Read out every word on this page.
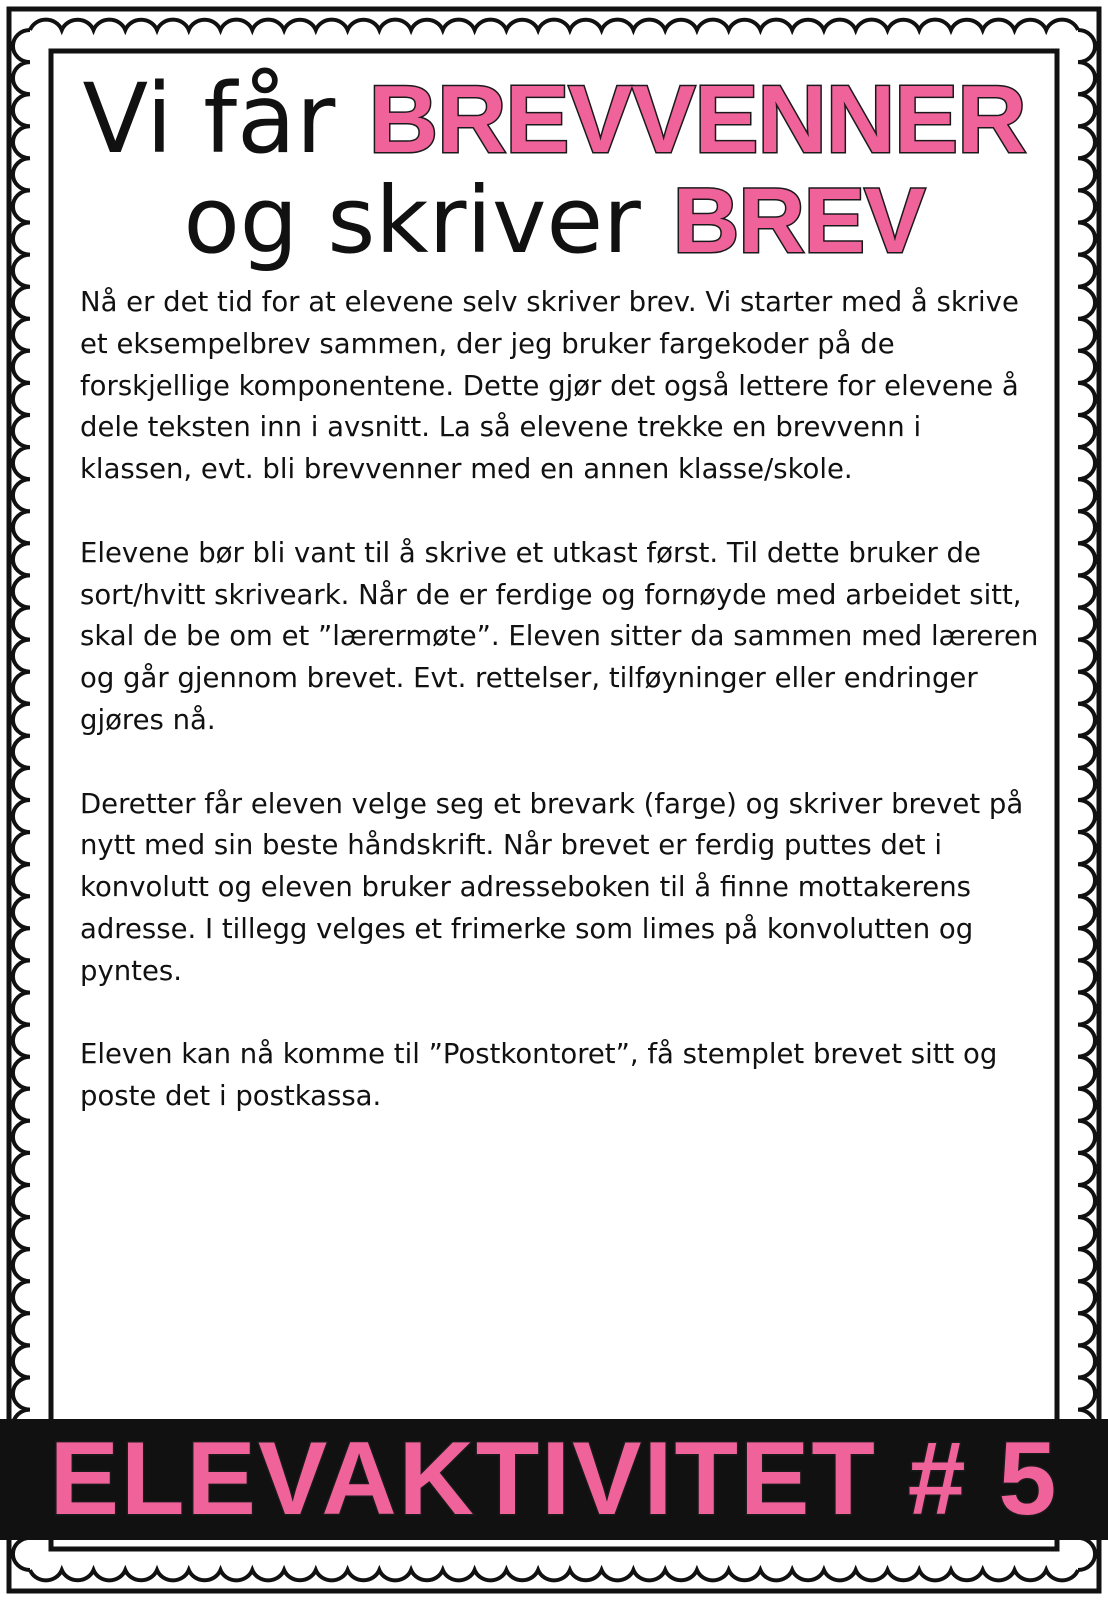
Vi får BREVVENNER
og skriver BREV

Nå er det tid for at elevene selv skriver brev. Vi starter med å skrive et eksempelbrev sammen, der jeg bruker fargekoder på de forskjellige komponentene. Dette gjør det også lettere for elevene å dele teksten inn i avsnitt. La så elevene trekke en brevvenn i klassen, evt. bli brevvenner med en annen klasse/skole.

Elevene bør bli vant til å skrive et utkast først. Til dette bruker de sort/hvitt skriveark. Når de er ferdige og fornøyde med arbeidet sitt, skal de be om et ”lærermøte”. Eleven sitter da sammen med læreren og går gjennom brevet. Evt. rettelser, tilføyninger eller endringer gjøres nå.

Deretter får eleven velge seg et brevark (farge) og skriver brevet på nytt med sin beste håndskrift. Når brevet er ferdig puttes det i konvolutt og eleven bruker adresseboken til å finne mottakerens adresse. I tillegg velges et frimerke som limes på konvolutten og pyntes.

Eleven kan nå komme til ”Postkontoret”, få stemplet brevet sitt og poste det i postkassa.

ELEVAKTIVITET # 5
